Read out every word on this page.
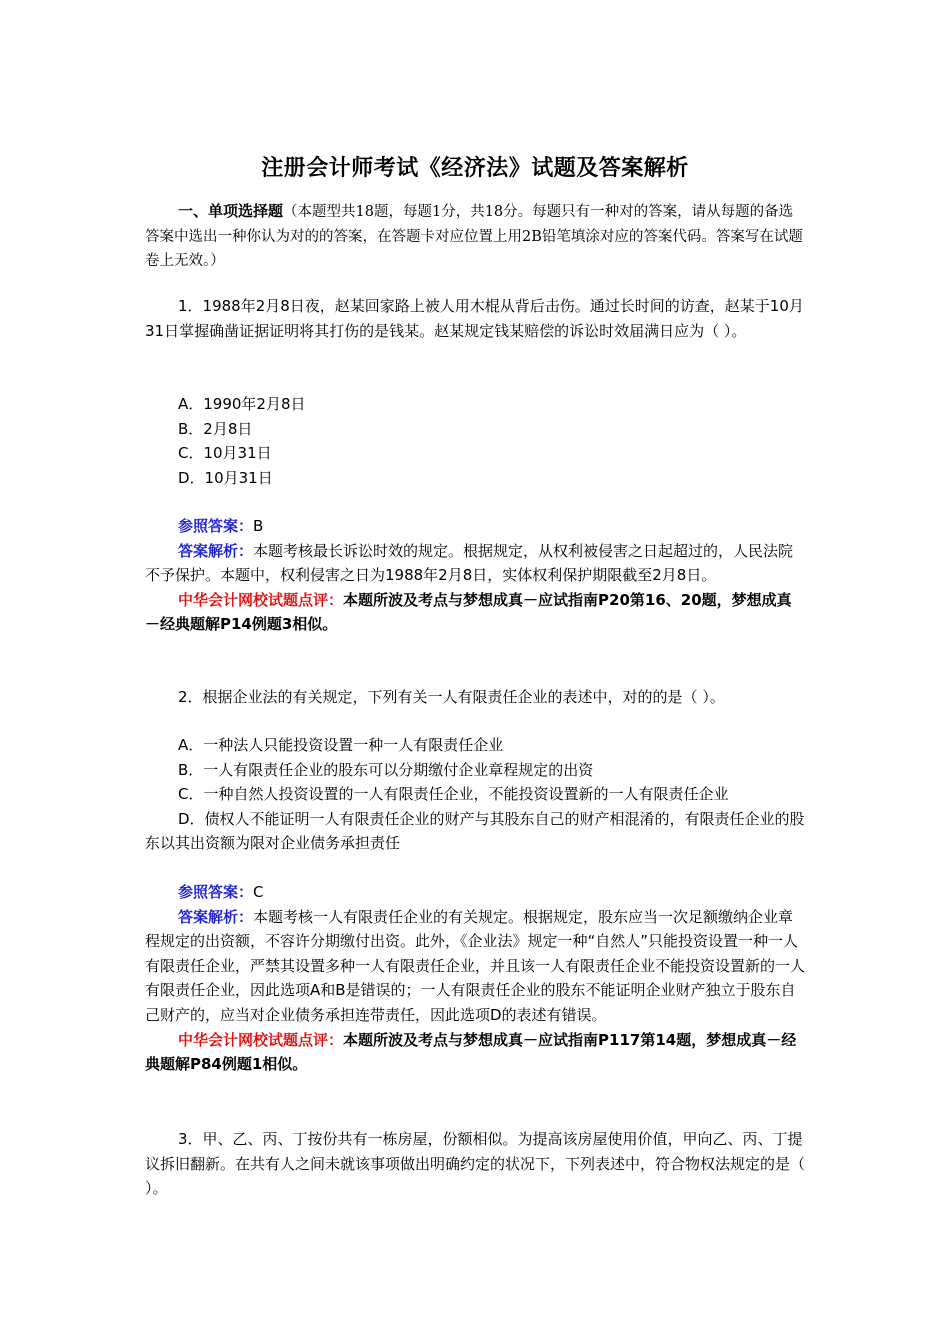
注册会计师考试《经济法》试题及答案解析
一、单项选择题（本题型共18题，每题1分，共18分。每题只有一种对的答案，请从每题的备选答案中选出一种你认为对的的答案，在答题卡对应位置上用2B铅笔填涂对应的答案代码。答案写在试题卷上无效。）
1．1988年2月8日夜，赵某回家路上被人用木棍从背后击伤。通过长时间的访查，赵某于10月31日掌握确凿证据证明将其打伤的是钱某。赵某规定钱某赔偿的诉讼时效届满日应为（ ）。

A．1990年2月8日

B．2月8日

C．10月31日

D．10月31日

参照答案：B

答案解析：本题考核最长诉讼时效的规定。根据规定，从权利被侵害之日起超过的，人民法院不予保护。本题中，权利侵害之日为1988年2月8日，实体权利保护期限截至2月8日。

中华会计网校试题点评：本题所波及考点与梦想成真－应试指南P20第16、20题，梦想成真－经典题解P14例题3相似。

2．根据企业法的有关规定，下列有关一人有限责任企业的表述中，对的的是（ ）。

A．一种法人只能投资设置一种一人有限责任企业

B．一人有限责任企业的股东可以分期缴付企业章程规定的出资

C．一种自然人投资设置的一人有限责任企业，不能投资设置新的一人有限责任企业

D．债权人不能证明一人有限责任企业的财产与其股东自己的财产相混淆的，有限责任企业的股东以其出资额为限对企业债务承担责任

参照答案：C

答案解析：本题考核一人有限责任企业的有关规定。根据规定，股东应当一次足额缴纳企业章程规定的出资额，不容许分期缴付出资。此外，《企业法》规定一种“自然人”只能投资设置一种一人有限责任企业，严禁其设置多种一人有限责任企业，并且该一人有限责任企业不能投资设置新的一人有限责任企业，因此选项A和B是错误的；一人有限责任企业的股东不能证明企业财产独立于股东自己财产的，应当对企业债务承担连带责任，因此选项D的表述有错误。

中华会计网校试题点评：本题所波及考点与梦想成真－应试指南P117第14题，梦想成真－经典题解P84例题1相似。

3．甲、乙、丙、丁按份共有一栋房屋，份额相似。为提高该房屋使用价值，甲向乙、丙、丁提议拆旧翻新。在共有人之间未就该事项做出明确约定的状况下，下列表述中，符合物权法规定的是（ ）。
